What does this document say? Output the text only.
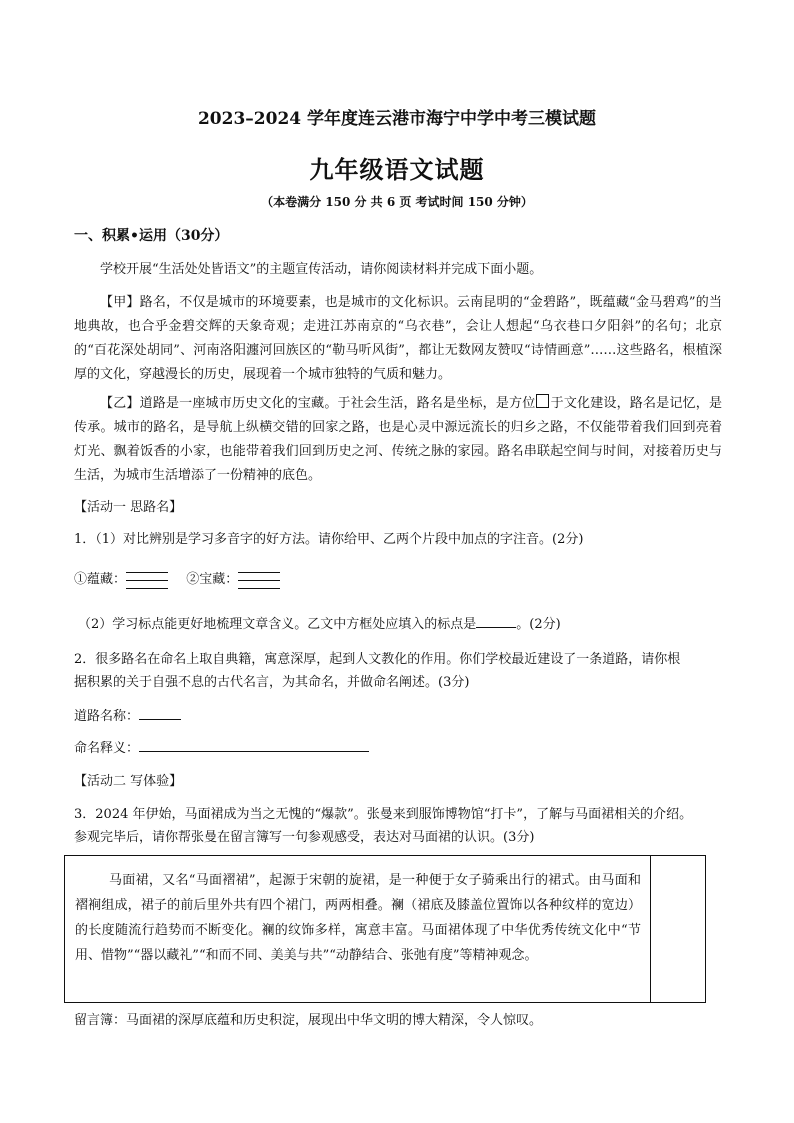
2023–2024 学年度连云港市海宁中学中考三模试题
九年级语文试题
（本卷满分 150 分 共 6 页 考试时间 150 分钟）
一、积累•运用（30分）
学校开展“生活处处皆语文”的主题宣传活动，请你阅读材料并完成下面小题。
【甲】路名，不仅是城市的环境要素，也是城市的文化标识。云南昆明的“金碧路”，既蕴藏“金马碧鸡”的当地典故，也合乎金碧交辉的天象奇观；走进江苏南京的“乌衣巷”，会让人想起“乌衣巷口夕阳斜”的名句；北京的“百花深处胡同”、河南洛阳瀍河回族区的“勒马听风街”，都让无数网友赞叹“诗情画意”……这些路名，根植深厚的文化，穿越漫长的历史，展现着一个城市独特的气质和魅力。
【乙】道路是一座城市历史文化的宝藏。于社会生活，路名是坐标，是方位 于文化建设，路名是记忆，是传承。城市的路名，是导航上纵横交错的回家之路，也是心灵中源远流长的归乡之路，不仅能带着我们回到亮着灯光、飘着饭香的小家，也能带着我们回到历史之河、传统之脉的家园。路名串联起空间与时间，对接着历史与生活，为城市生活增添了一份精神的底色。
【活动一 思路名】
1．（1）对比辨别是学习多音字的好方法。请你给甲、乙两个片段中加点的字注音。(2分)
①蕴藏：	②宝藏：
（2）学习标点能更好地梳理文章含义。乙文中方框处应填入的标点是	。(2分)
2．很多路名在命名上取自典籍，寓意深厚，起到人文教化的作用。你们学校最近建设了一条道路，请你根
据积累的关于自强不息的古代名言，为其命名，并做命名阐述。(3分)
道路名称：
命名释义：
【活动二 写体验】
3．2024 年伊始，马面裙成为当之无愧的“爆款”。张曼来到服饰博物馆“打卡”，了解与马面裙相关的介绍。
参观完毕后，请你帮张曼在留言簿写一句参观感受，表达对马面裙的认识。(3分)
马面裙，又名“马面褶裙”，起源于宋朝的旋裙，是一种便于女子骑乘出行的裙式。由马面和褶裥组成，裙子的前后里外共有四个裙门，两两相叠。襕（裙底及膝盖位置饰以各种纹样的宽边）的长度随流行趋势而不断变化。襕的纹饰多样，寓意丰富。马面裙体现了中华优秀传统文化中“节用、惜物”“器以藏礼”“和而不同、美美与共”“动静结合、张弛有度”等精神观念。
留言簿：马面裙的深厚底蕴和历史积淀，展现出中华文明的博大精深，令人惊叹。
